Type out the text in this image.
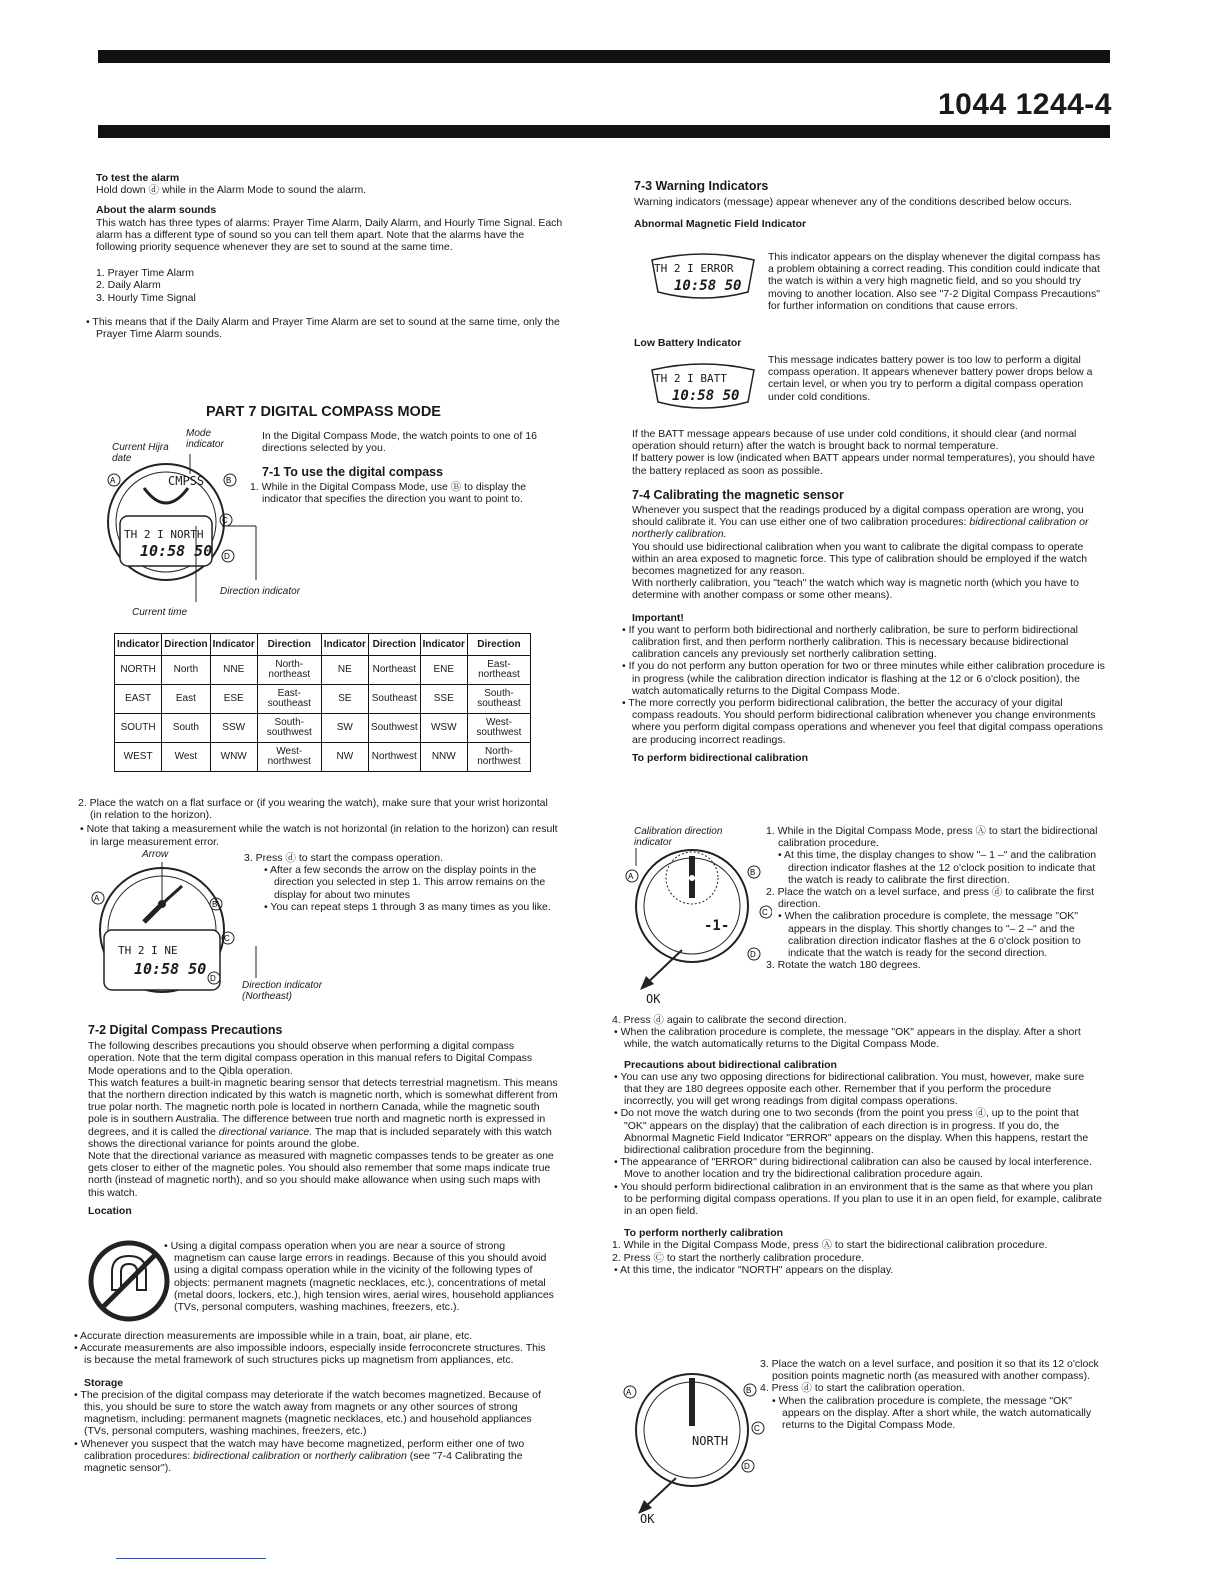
1044 1244-4

To test the alarm

Hold down ⓓ while in the Alarm Mode to sound the alarm.

About the alarm sounds

This watch has three types of alarms: Prayer Time Alarm, Daily Alarm, and Hourly Time Signal. Each alarm has a different type of sound so you can tell them apart. Note that the alarms have the following priority sequence whenever they are set to sound at the same time.

1. Prayer Time Alarm

2. Daily Alarm

3. Hourly Time Signal

• This means that if the Daily Alarm and Prayer Time Alarm are set to sound at the same time, only the Prayer Time Alarm sounds.

PART 7 DIGITAL COMPASS MODE
A	B
C
D
CMPSS
TH 2 I NORTH
10:58 50
Mode indicator
Current Hijra date
Direction indicator
Current time

In the Digital Compass Mode, the watch points to one of 16 directions selected by you.

7-1 To use the digital compass

1. While in the Digital Compass Mode, use Ⓑ to display the indicator that specifies the direction you want to point to.

Indicator	Direction	Indicator	Direction	Indicator	Direction	Indicator	Direction
NORTH	North	NNE	North-northeast	NE	Northeast	ENE	East-northeast
EAST	East	ESE	East-southeast	SE	Southeast	SSE	South-southeast
SOUTH	South	SSW	South-southwest	SW	Southwest	WSW	West-southwest
WEST	West	WNW	West-northwest	NW	Northwest	NNW	North-northwest

2. Place the watch on a flat surface or (if you wearing the watch), make sure that your wrist horizontal (in relation to the horizon).

• Note that taking a measurement while the watch is not horizontal (in relation to the horizon) can result in large measurement error.

Arrow
A
B
C
D
TH 2 I NE
10:58 50
Direction indicator (Northeast)

3. Press ⓓ to start the compass operation.

• After a few seconds the arrow on the display points in the direction you selected in step 1. This arrow remains on the display for about two minutes

• You can repeat steps 1 through 3 as many times as you like.

7-2 Digital Compass Precautions

The following describes precautions you should observe when performing a digital compass operation. Note that the term digital compass operation in this manual refers to Digital Compass Mode operations and to the Qibla operation.

This watch features a built-in magnetic bearing sensor that detects terrestrial magnetism. This means that the northern direction indicated by this watch is magnetic north, which is somewhat different from true polar north. The magnetic north pole is located in northern Canada, while the magnetic south pole is in southern Australia. The difference between true north and magnetic north is expressed in degrees, and it is called the directional variance. The map that is included separately with this watch shows the directional variance for points around the globe.

Note that the directional variance as measured with magnetic compasses tends to be greater as one gets closer to either of the magnetic poles. You should also remember that some maps indicate true north (instead of magnetic north), and so you should make allowance when using such maps with this watch.

Location

• Using a digital compass operation when you are near a source of strong magnetism can cause large errors in readings. Because of this you should avoid using a digital compass operation while in the vicinity of the following types of objects: permanent magnets (magnetic necklaces, etc.), concentrations of metal (metal doors, lockers, etc.), high tension wires, aerial wires, household appliances (TVs, personal computers, washing machines, freezers, etc.).

• Accurate direction measurements are impossible while in a train, boat, air plane, etc.

• Accurate measurements are also impossible indoors, especially inside ferroconcrete structures. This is because the metal framework of such structures picks up magnetism from appliances, etc.

Storage

• The precision of the digital compass may deteriorate if the watch becomes magnetized. Because of this, you should be sure to store the watch away from magnets or any other sources of strong magnetism, including: permanent magnets (magnetic necklaces, etc.) and household appliances (TVs, personal computers, washing machines, freezers, etc.)

• Whenever you suspect that the watch may have become magnetized, perform either one of two calibration procedures: bidirectional calibration or northerly calibration (see "7-4 Calibrating the magnetic sensor").

7-3 Warning Indicators

Warning indicators (message) appear whenever any of the conditions described below occurs.

Abnormal Magnetic Field Indicator

TH 2 I ERROR
10:58 50

This indicator appears on the display whenever the digital compass has a problem obtaining a correct reading. This condition could indicate that the watch is within a very high magnetic field, and so you should try moving to another location. Also see "7-2 Digital Compass Precautions" for further information on conditions that cause errors.

Low Battery Indicator

TH 2 I BATT
10:58 50

This message indicates battery power is too low to perform a digital compass operation. It appears whenever battery power drops below a certain level, or when you try to perform a digital compass operation under cold conditions.

If the BATT message appears because of use under cold conditions, it should clear (and normal operation should return) after the watch is brought back to normal temperature.

If battery power is low (indicated when BATT appears under normal temperatures), you should have the battery replaced as soon as possible.

7-4 Calibrating the magnetic sensor

Whenever you suspect that the readings produced by a digital compass operation are wrong, you should calibrate it. You can use either one of two calibration procedures: bidirectional calibration or northerly calibration.

You should use bidirectional calibration when you want to calibrate the digital compass to operate within an area exposed to magnetic force. This type of calibration should be employed if the watch becomes magnetized for any reason.

With northerly calibration, you "teach" the watch which way is magnetic north (which you have to determine with another compass or some other means).

Important!

• If you want to perform both bidirectional and northerly calibration, be sure to perform bidirectional calibration first, and then perform northerly calibration. This is necessary because bidirectional calibration cancels any previously set northerly calibration setting.

• If you do not perform any button operation for two or three minutes while either calibration procedure is in progress (while the calibration direction indicator is flashing at the 12 or 6 o'clock position), the watch automatically returns to the Digital Compass Mode.

• The more correctly you perform bidirectional calibration, the better the accuracy of your digital compass readouts. You should perform bidirectional calibration whenever you change environments where you perform digital compass operations and whenever you feel that digital compass operations are producing incorrect readings.

To perform bidirectional calibration

Calibration direction indicator
A	B
C
D
-1-
OK

1. While in the Digital Compass Mode, press Ⓐ to start the bidirectional calibration procedure.

• At this time, the display changes to show "– 1 –" and the calibration direction indicator flashes at the 12 o'clock position to indicate that the watch is ready to calibrate the first direction.

2. Place the watch on a level surface, and press ⓓ to calibrate the first direction.

• When the calibration procedure is complete, the message "OK" appears in the display. This shortly changes to "– 2 –" and the calibration direction indicator flashes at the 6 o'clock position to indicate that the watch is ready for the second direction.

3. Rotate the watch 180 degrees.

4. Press ⓓ again to calibrate the second direction.

• When the calibration procedure is complete, the message "OK" appears in the display. After a short while, the watch automatically returns to the Digital Compass Mode.

Precautions about bidirectional calibration

• You can use any two opposing directions for bidirectional calibration. You must, however, make sure that they are 180 degrees opposite each other. Remember that if you perform the procedure incorrectly, you will get wrong readings from digital compass operations.

• Do not move the watch during one to two seconds (from the point you press ⓓ, up to the point that "OK" appears on the display) that the calibration of each direction is in progress. If you do, the Abnormal Magnetic Field Indicator "ERROR" appears on the display. When this happens, restart the bidirectional calibration procedure from the beginning.

• The appearance of "ERROR" during bidirectional calibration can also be caused by local interference. Move to another location and try the bidirectional calibration procedure again.

• You should perform bidirectional calibration in an environment that is the same as that where you plan to be performing digital compass operations. If you plan to use it in an open field, for example, calibrate in an open field.

To perform northerly calibration

1. While in the Digital Compass Mode, press Ⓐ to start the bidirectional calibration procedure.

2. Press Ⓒ to start the northerly calibration procedure.

• At this time, the indicator "NORTH" appears on the display.

A	B
C
D
NORTH
OK

3. Place the watch on a level surface, and position it so that its 12 o'clock position points magnetic north (as measured with another compass).

4. Press ⓓ to start the calibration operation.

• When the calibration procedure is complete, the message "OK" appears on the display. After a short while, the watch automatically returns to the Digital Compass Mode.
